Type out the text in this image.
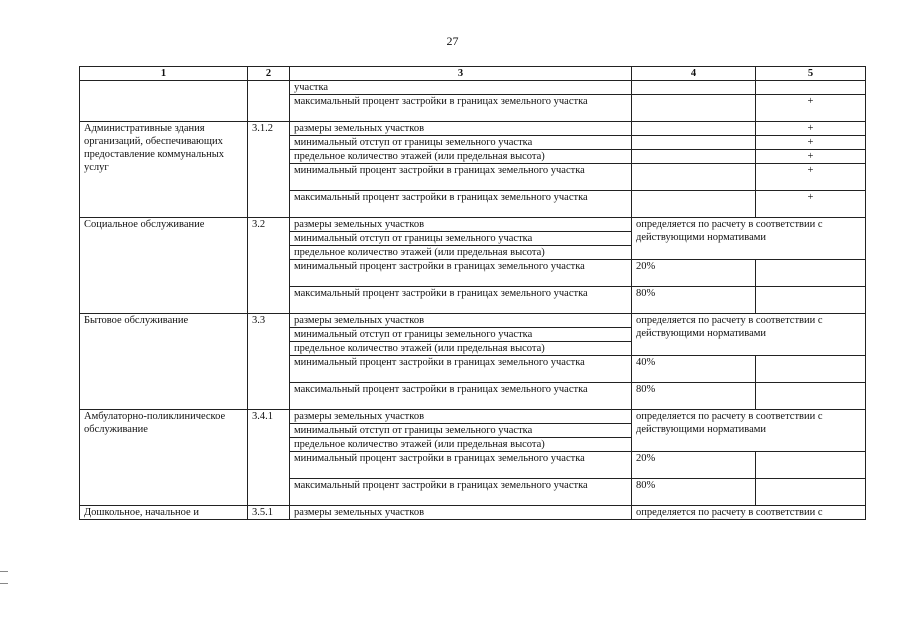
27
1	2	3	4	5
		участка		
		максимальный процент застройки в границах земельного участка		+
Административные здания организаций, обеспечивающих предоставление коммунальных услуг	3.1.2	размеры земельных участков		+
		минимальный отступ от границы земельного участка		+
		предельное количество этажей (или предельная высота)		+
		минимальный процент застройки в границах земельного участка		+
		максимальный процент застройки в границах земельного участка		+
Социальное обслуживание	3.2	размеры земельных участков	определяется по расчету в соответствии с действующими нормативами	
		минимальный отступ от границы земельного участка		
		предельное количество этажей (или предельная высота)		
		минимальный процент застройки в границах земельного участка	20%	
		максимальный процент застройки в границах земельного участка	80%	
Бытовое обслуживание	3.3	размеры земельных участков	определяется по расчету в соответствии с действующими нормативами	
		минимальный отступ от границы земельного участка		
		предельное количество этажей (или предельная высота)		
		минимальный процент застройки в границах земельного участка	40%	
		максимальный процент застройки в границах земельного участка	80%	
Амбулаторно-поликлиническое обслуживание	3.4.1	размеры земельных участков	определяется по расчету в соответствии с действующими нормативами	
		минимальный отступ от границы земельного участка		
		предельное количество этажей (или предельная высота)		
		минимальный процент застройки в границах земельного участка	20%	
		максимальный процент застройки в границах земельного участка	80%	
Дошкольное, начальное и	3.5.1	размеры земельных участков	определяется по расчету в соответствии с	
